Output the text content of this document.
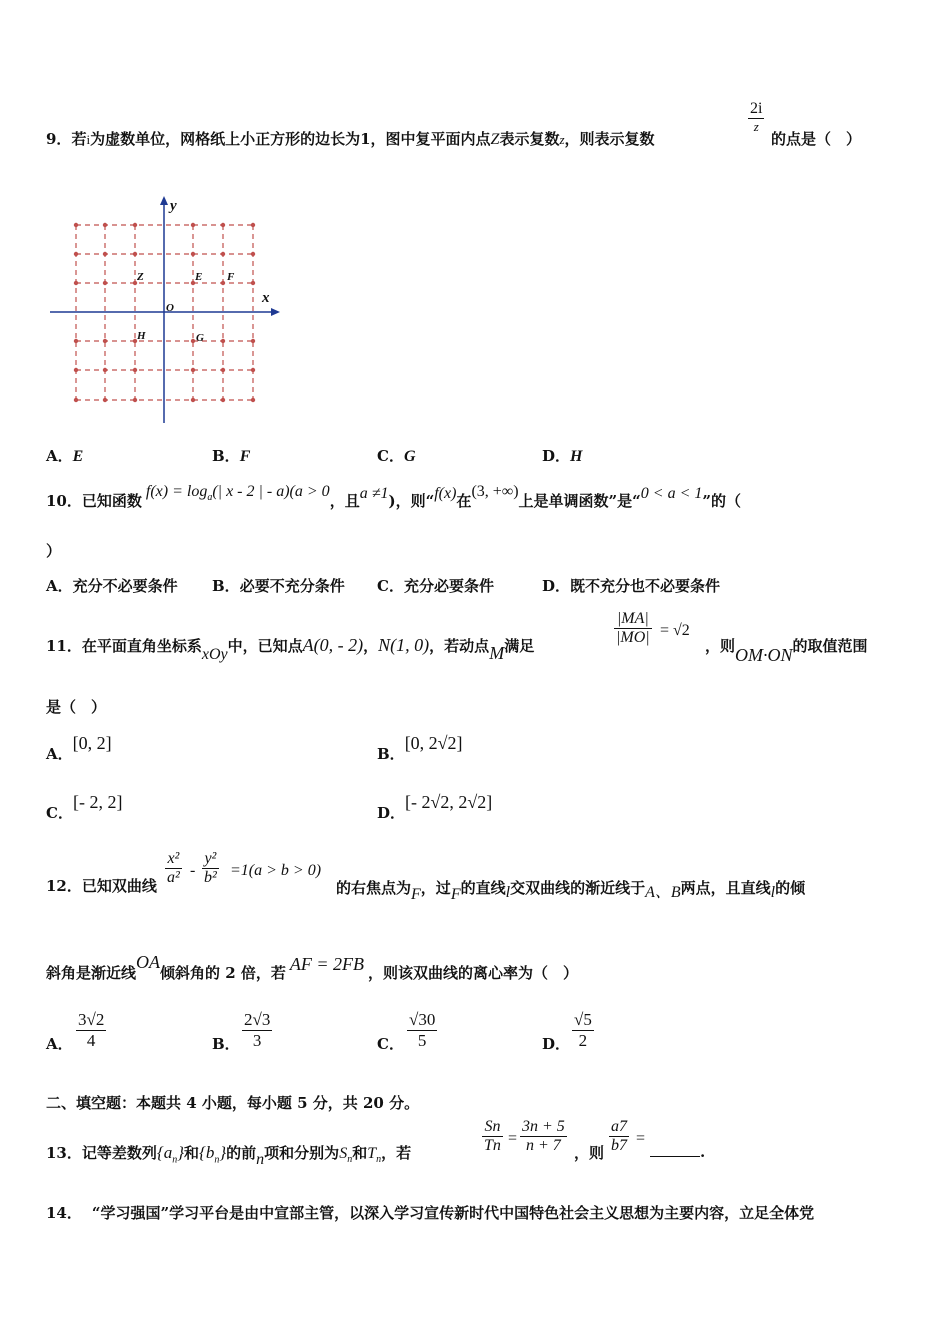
9．若i为虚数单位，网格纸上小正方形的边长为1，图中复平面内点Z表示复数z，则表示复数
2i
z
的点是（　）
x
y
O
Z	E F
H	G
A．E	B．F	C．G	D．H
10．已知函数$f(x) = \log_a(|$ x - 2 | - a)(a > 0，且a ≠1)，则“f(x)在(3, +∞)上是单调函数”是“0 < a < 1”的（
）
A．充分不必要条件 B．必要不充分条件 C．充分必要条件	D．既不充分也不必要条件
11．在平面直角坐标系xOy中，已知点A(0, - 2)，N(1, 0)，若动点M满足	$\frac{|MA|}{|MO|} = √2$
，则OM·ON的取值范围
是（　）
A．[0, 2]
B．[0, 2√2]
C．[- 2, 2]
D．[- 2√2, 2√2]
12．已知双曲线 $\frac{\text{x²}}{\text{a²}} - \frac{\text{y²}}{\text{b²}} =1(a > b > 0)$
的右焦点为F，过F的直线l交双曲线的渐近线于A、B两点，且直线l的倾
斜角是渐近线OA倾斜角的 2 倍，若 AF = 2FB ，则该双曲线的离心率为（　）
A． $\frac{3√2}{4}$	B． $\frac{2√3}{3}$	C． $\frac{√30}{5}$	D． $\frac{√5}{2}$
二、填空题：本题共 4 小题，每小题 5 分，共 20 分。
13．记等差数列$\{a_n\}$和$\{b_n\}$的前n项和分别为$S_n$和$T_n$，若	$\frac{Sn}{Tn} = \frac{3n + 5}{n + 7}$ ，则 $\frac{a7}{b7}$ =
.
14． “学习强国”学习平台是由中宣部主管，以深入学习宣传新时代中国特色社会主义思想为主要内容，立足全体党
